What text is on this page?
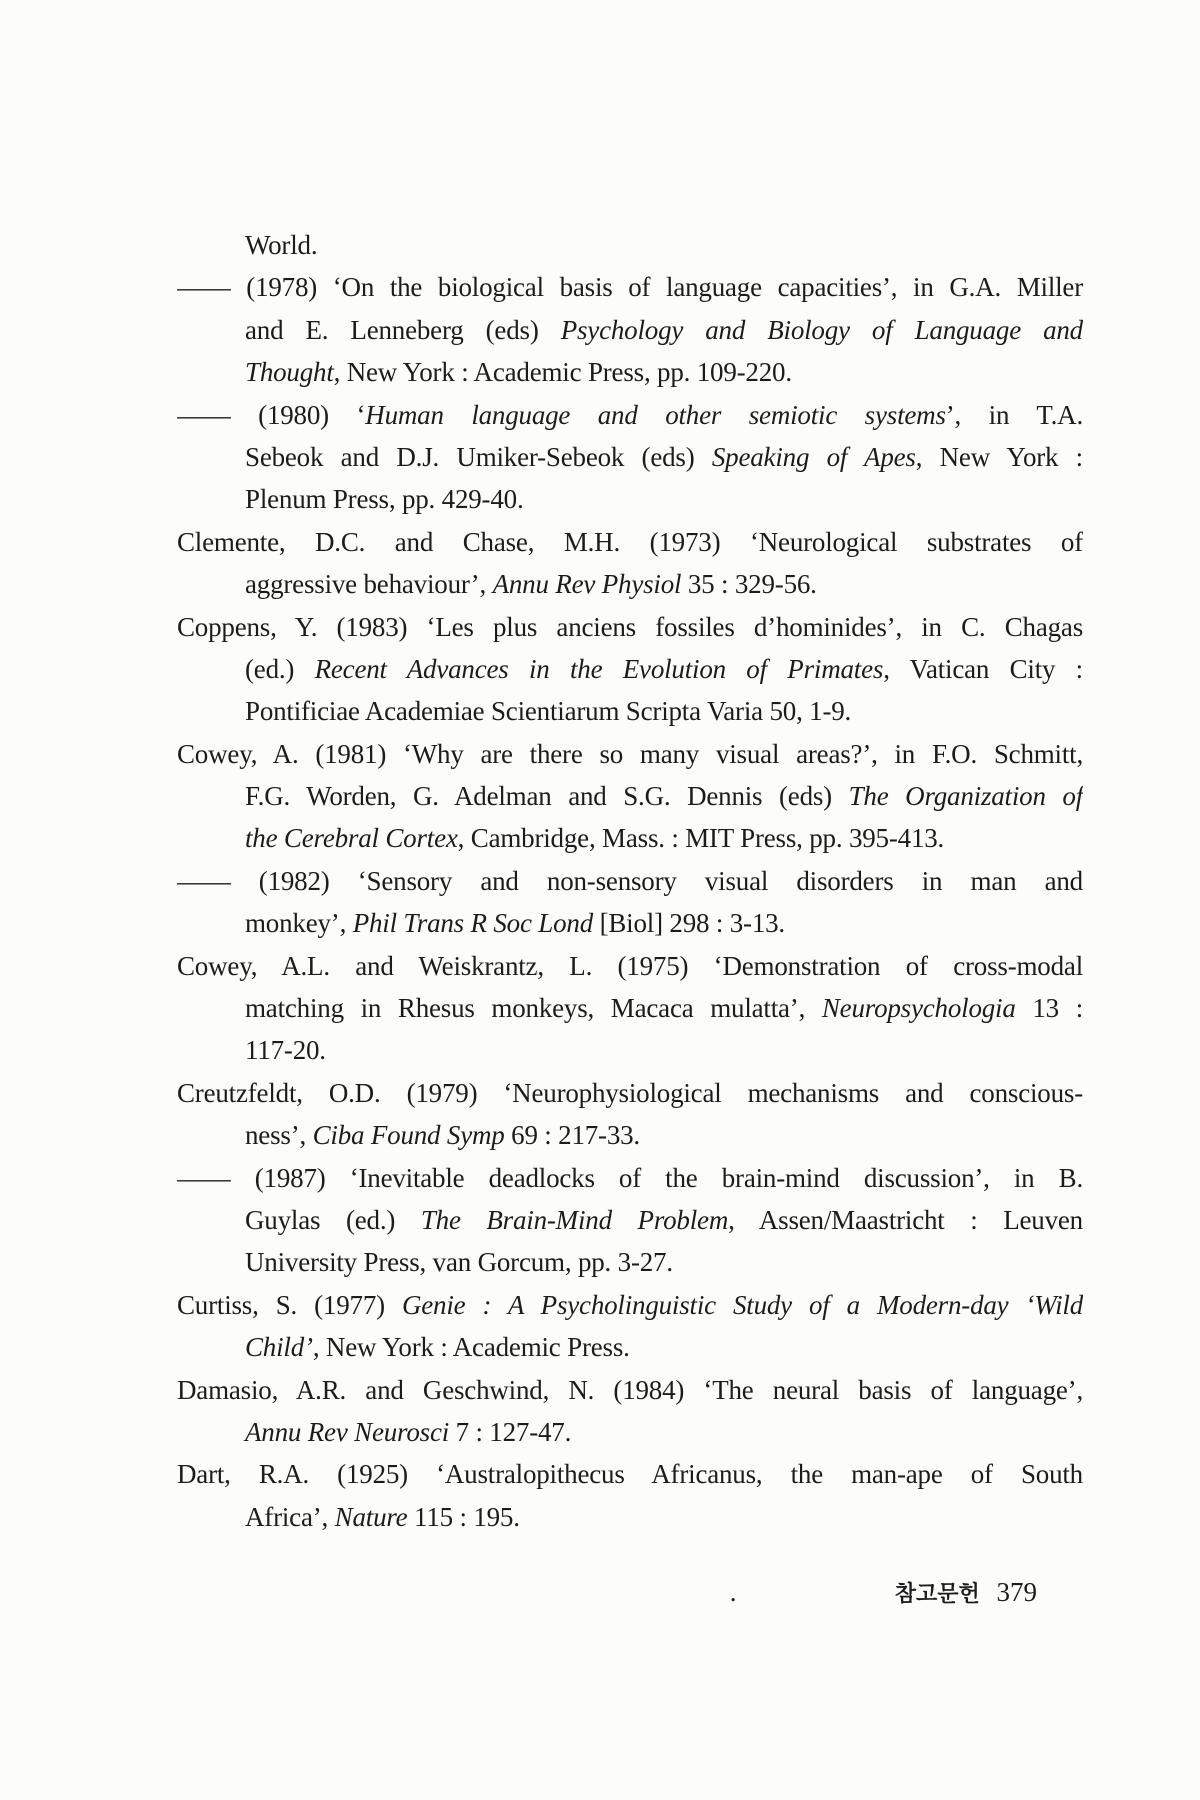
World.
—— (1978) ‘On the biological basis of language capacities’, in G.A. Miller
and E. Lenneberg (eds) Psychology and Biology of Language and
Thought, New York : Academic Press, pp. 109-220.
—— (1980) ‘Human language and other semiotic systems’, in T.A.
Sebeok and D.J. Umiker-Sebeok (eds) Speaking of Apes, New York :
Plenum Press, pp. 429-40.
Clemente, D.C. and Chase, M.H. (1973) ‘Neurological substrates of
aggressive behaviour’, Annu Rev Physiol 35 : 329-56.
Coppens, Y. (1983) ‘Les plus anciens fossiles d’hominides’, in C. Chagas
(ed.) Recent Advances in the Evolution of Primates, Vatican City :
Pontificiae Academiae Scientiarum Scripta Varia 50, 1-9.
Cowey, A. (1981) ‘Why are there so many visual areas?’, in F.O. Schmitt,
F.G. Worden, G. Adelman and S.G. Dennis (eds) The Organization of
the Cerebral Cortex, Cambridge, Mass. : MIT Press, pp. 395-413.
—— (1982) ‘Sensory and non-sensory visual disorders in man and
monkey’, Phil Trans R Soc Lond [Biol] 298 : 3-13.
Cowey, A.L. and Weiskrantz, L. (1975) ‘Demonstration of cross-modal
matching in Rhesus monkeys, Macaca mulatta’, Neuropsychologia 13 :
117-20.
Creutzfeldt, O.D. (1979) ‘Neurophysiological mechanisms and conscious-
ness’, Ciba Found Symp 69 : 217-33.
—— (1987) ‘Inevitable deadlocks of the brain-mind discussion’, in B.
Guylas (ed.) The Brain-Mind Problem, Assen/Maastricht : Leuven
University Press, van Gorcum, pp. 3-27.
Curtiss, S. (1977) Genie : A Psycholinguistic Study of a Modern-day ‘Wild
Child’, New York : Academic Press.
Damasio, A.R. and Geschwind, N. (1984) ‘The neural basis of language’,
Annu Rev Neurosci 7 : 127-47.
Dart, R.A. (1925) ‘Australopithecus Africanus, the man-ape of South
Africa’, Nature 115 : 195.
.	참고문헌 379
